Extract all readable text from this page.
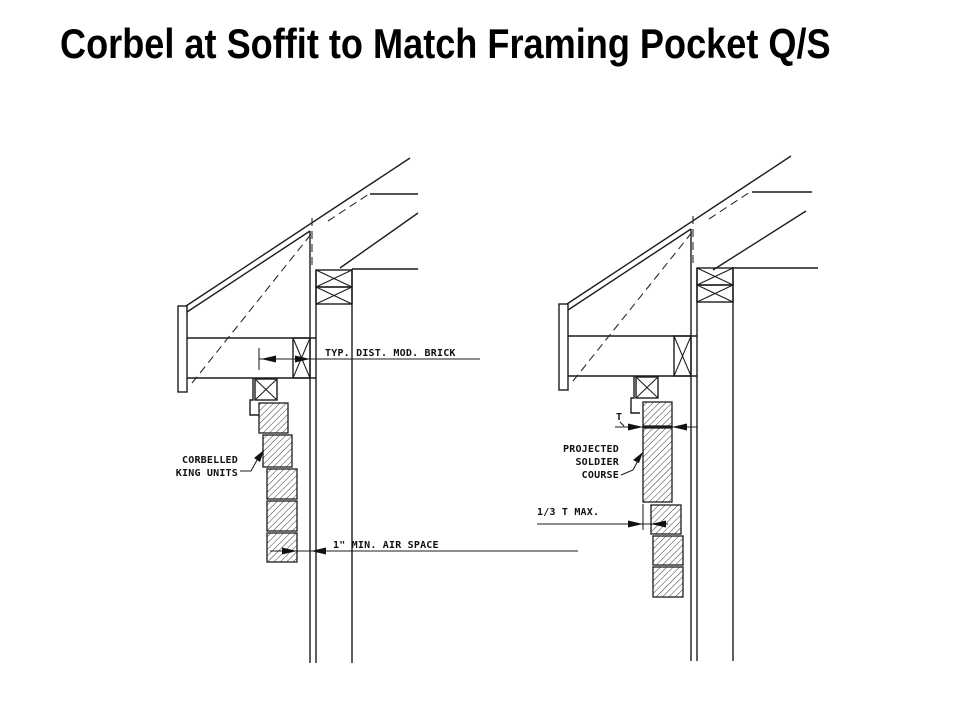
Corbel at Soffit to Match Framing Pocket Q/S
TYP. DIST. MOD. BRICK
CORBELLED
KING UNITS
1" MIN. AIR SPACE
T
PROJECTED
SOLDIER
COURSE
1/3 T MAX.
